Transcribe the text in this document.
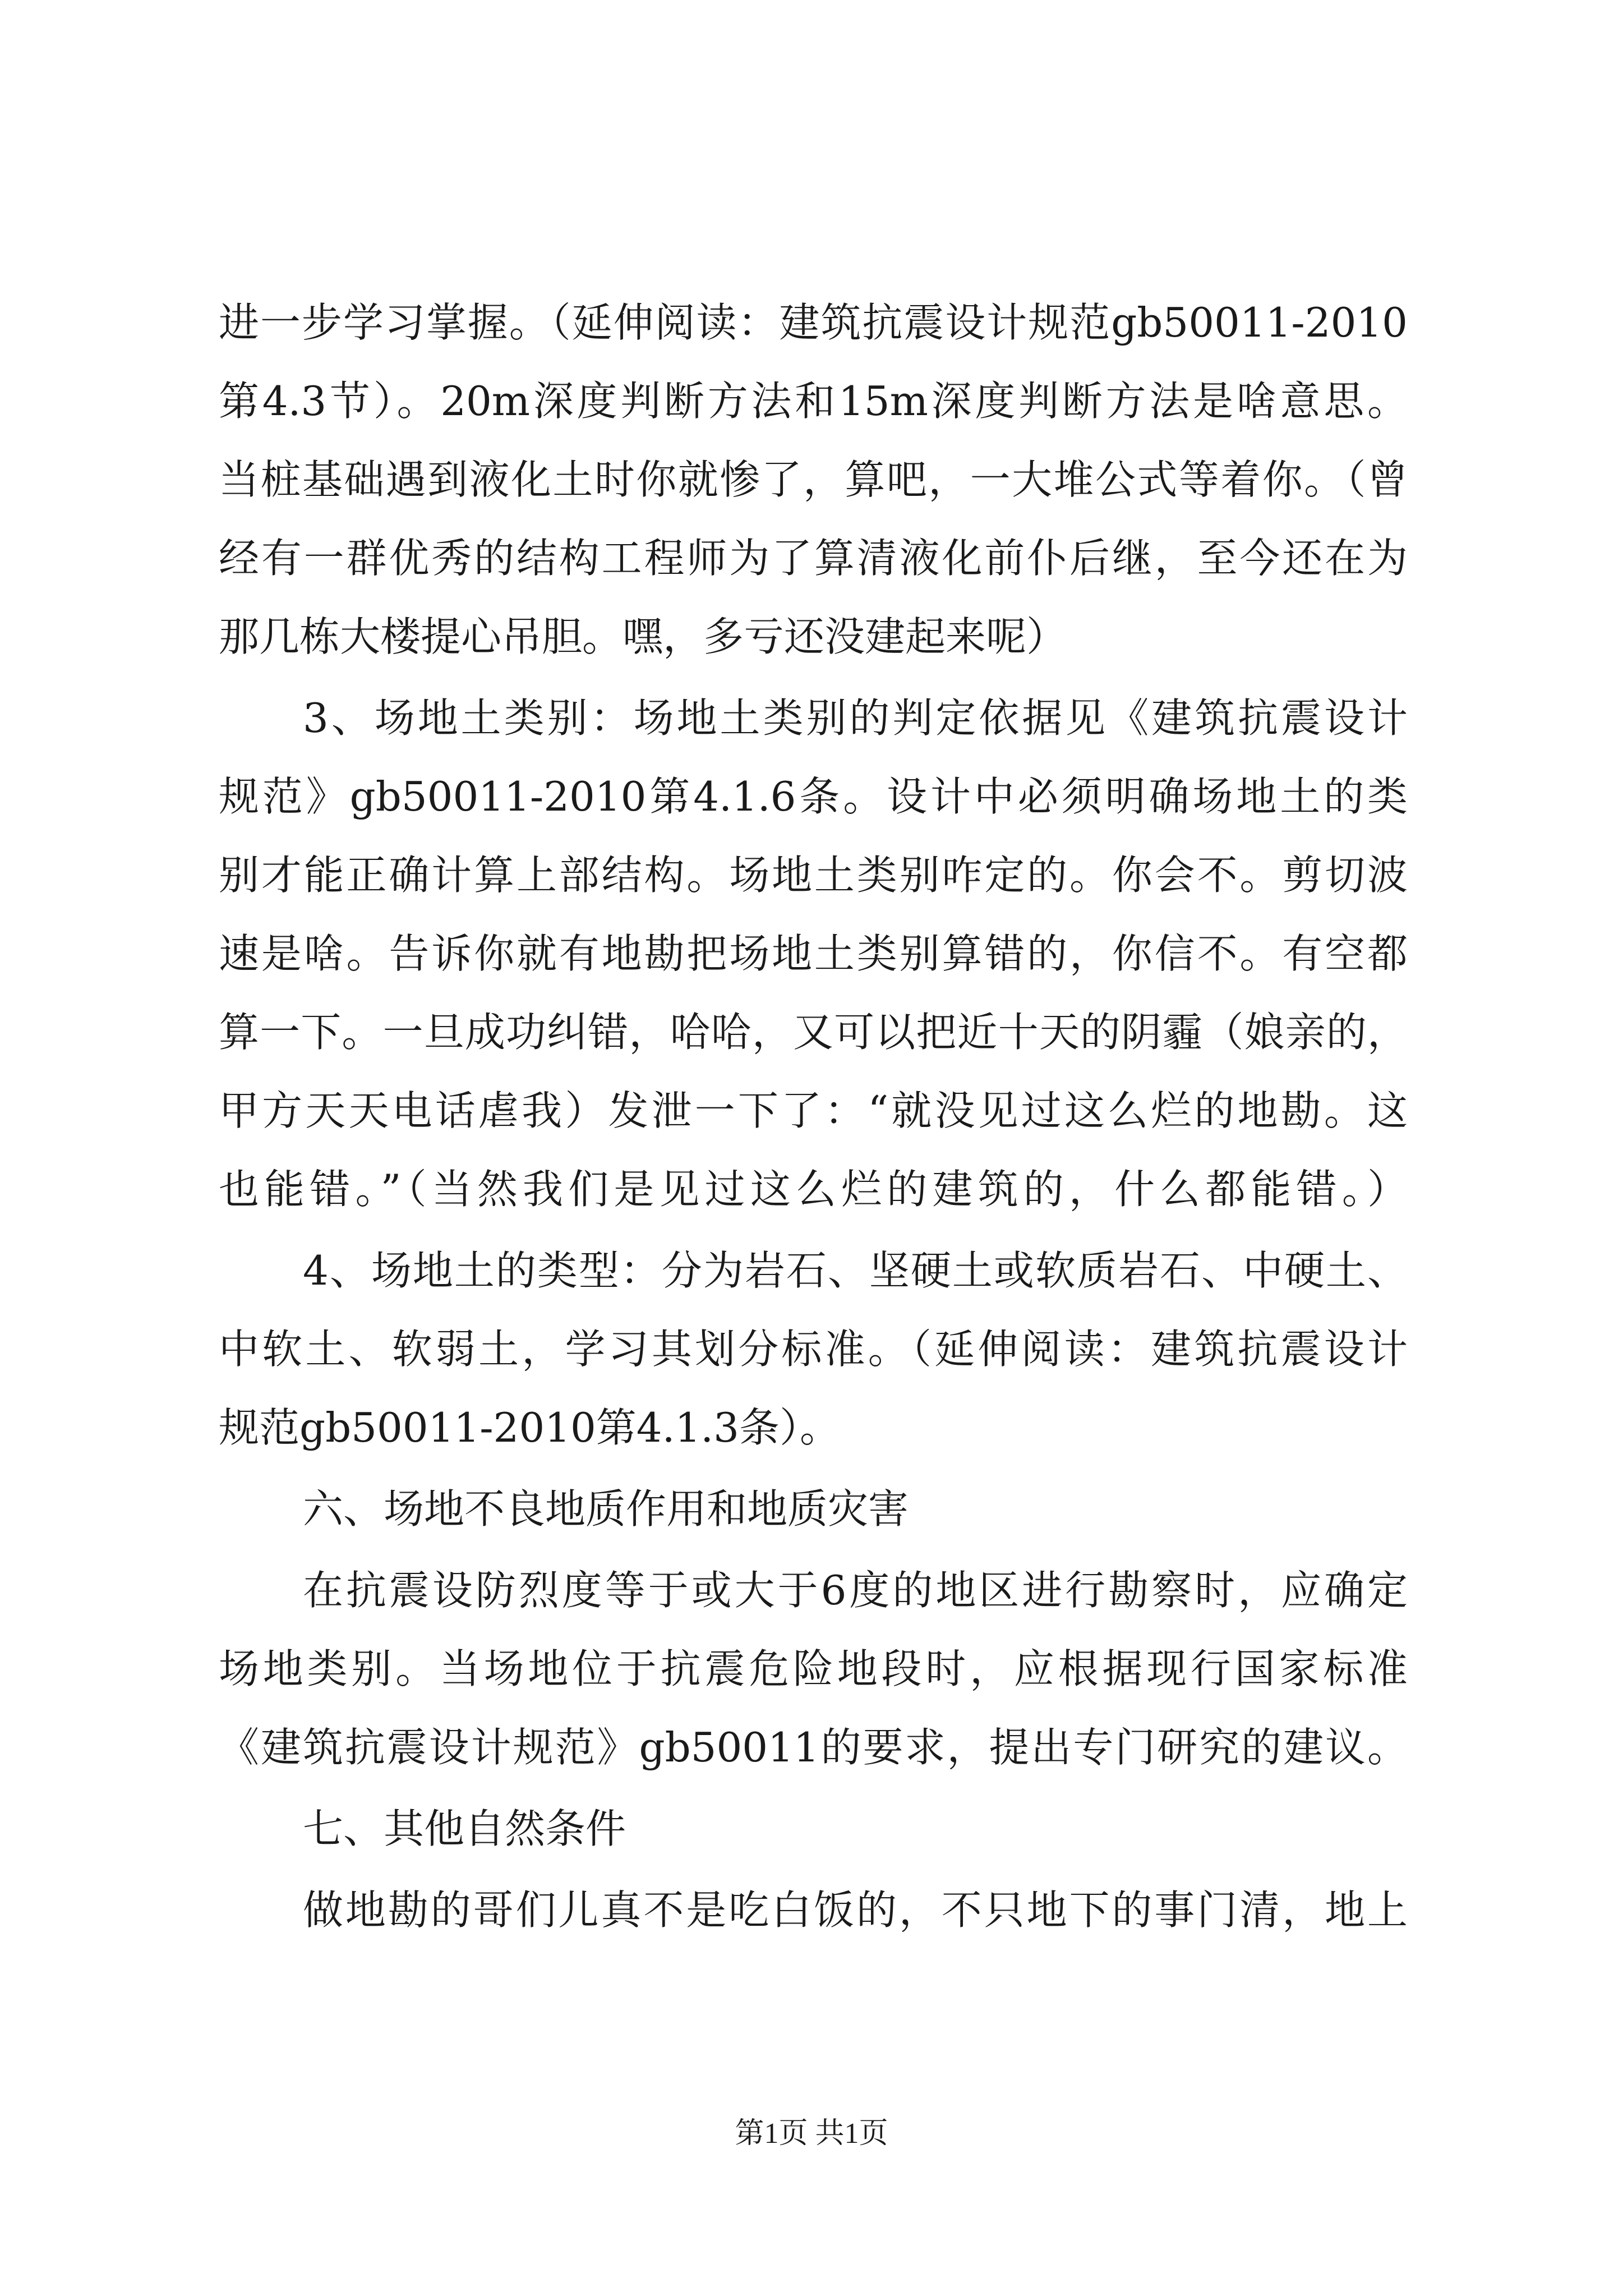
进一步学习掌握。（延伸阅读：建筑抗震设计规范gb50011-2010
第4.3节）。20m深度判断方法和15m深度判断方法是啥意思。
当桩基础遇到液化土时你就惨了，算吧，一大堆公式等着你。（曾
经有一群优秀的结构工程师为了算清液化前仆后继，至今还在为
那几栋大楼提心吊胆。嘿，多亏还没建起来呢）
3、场地土类别：场地土类别的判定依据见《建筑抗震设计
规范》gb50011-2010第4.1.6条。设计中必须明确场地土的类
别才能正确计算上部结构。场地土类别咋定的。你会不。剪切波
速是啥。告诉你就有地勘把场地土类别算错的，你信不。有空都
算一下。一旦成功纠错，哈哈，又可以把近十天的阴霾（娘亲的，
甲方天天电话虐我）发泄一下了：“就没见过这么烂的地勘。这
也能错。”（当然我们是见过这么烂的建筑的，什么都能错。）
4、场地土的类型：分为岩石、坚硬土或软质岩石、中硬土、
中软土、软弱土，学习其划分标准。（延伸阅读：建筑抗震设计
规范gb50011-2010第4.1.3条）。
六、场地不良地质作用和地质灾害
在抗震设防烈度等于或大于6度的地区进行勘察时，应确定
场地类别。当场地位于抗震危险地段时，应根据现行国家标准
《建筑抗震设计规范》gb50011的要求，提出专门研究的建议。
七、其他自然条件
做地勘的哥们儿真不是吃白饭的，不只地下的事门清，地上
第1页 共1页
